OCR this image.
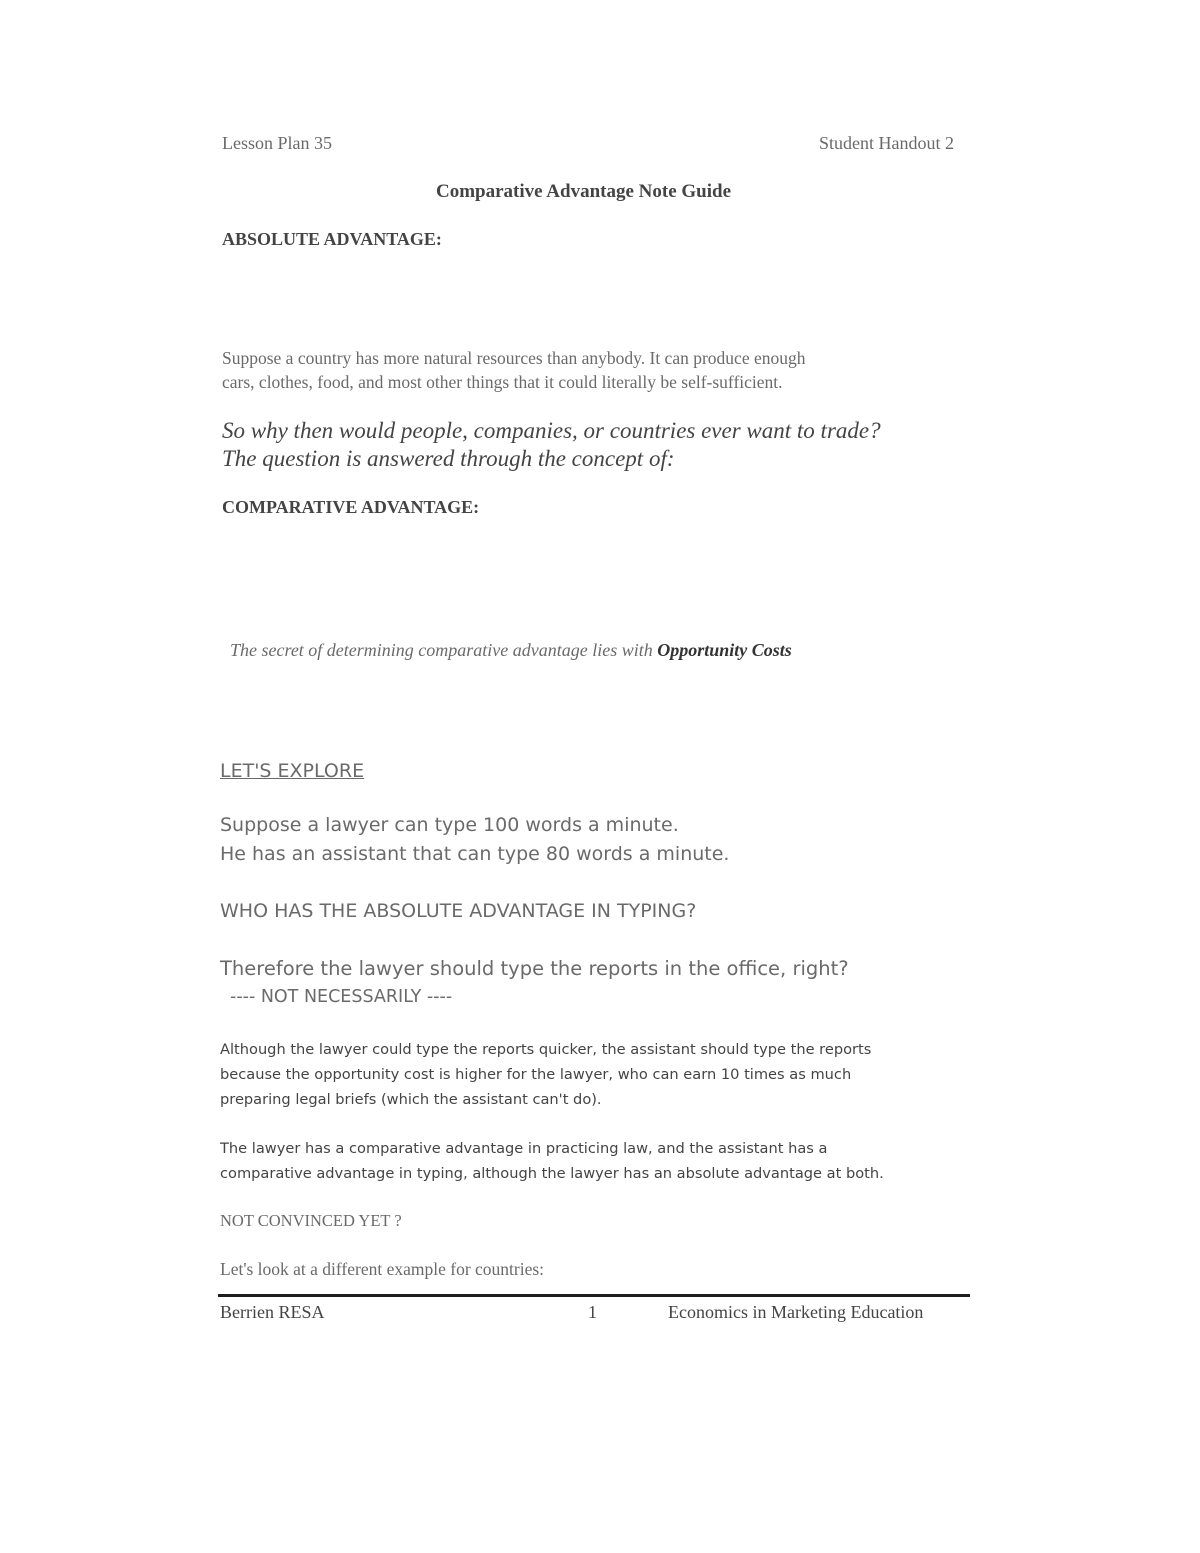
Lesson Plan 35	Student Handout 2
Comparative Advantage Note Guide
ABSOLUTE ADVANTAGE:
Suppose a country has more natural resources than anybody. It can produce enough
cars, clothes, food, and most other things that it could literally be self-sufficient.
So why then would people, companies, or countries ever want to trade?
The question is answered through the concept of:
COMPARATIVE ADVANTAGE:
The secret of determining comparative advantage lies with Opportunity Costs
LET'S EXPLORE
Suppose a lawyer can type 100 words a minute.
He has an assistant that can type 80 words a minute.
WHO HAS THE ABSOLUTE ADVANTAGE IN TYPING?
Therefore the lawyer should type the reports in the office, right?
---- NOT NECESSARILY ----
Although the lawyer could type the reports quicker, the assistant should type the reports
because the opportunity cost is higher for the lawyer, who can earn 10 times as much
preparing legal briefs (which the assistant can't do).
The lawyer has a comparative advantage in practicing law, and the assistant has a
comparative advantage in typing, although the lawyer has an absolute advantage at both.
NOT CONVINCED YET ?
Let's look at a different example for countries:
Berrien RESA	1	Economics in Marketing Education
